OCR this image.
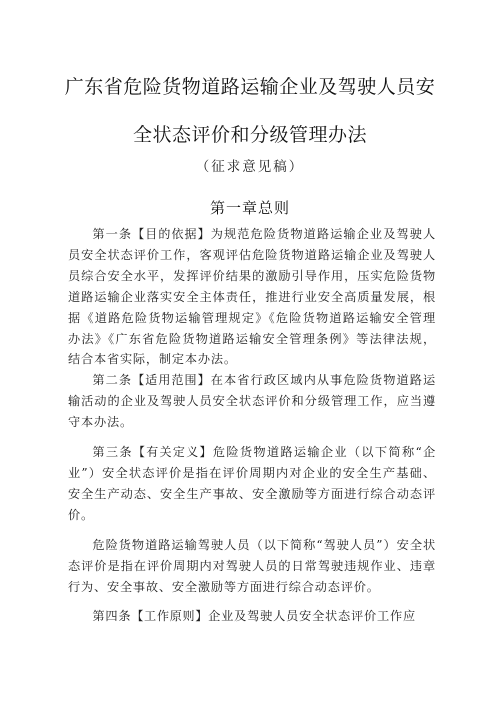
广东省危险货物道路运输企业及驾驶人员安
全状态评价和分级管理办法
（征求意见稿）
第一章总则

第一条【目的依据】为规范危险货物道路运输企业及驾驶人员安全状态评价工作，客观评估危险货物道路运输企业及驾驶人员综合安全水平，发挥评价结果的激励引导作用，压实危险货物道路运输企业落实安全主体责任，推进行业安全高质量发展，根据《道路危险货物运输管理规定》《危险货物道路运输安全管理办法》《广东省危险货物道路运输安全管理条例》等法律法规，结合本省实际，制定本办法。

第二条【适用范围】在本省行政区域内从事危险货物道路运输活动的企业及驾驶人员安全状态评价和分级管理工作，应当遵守本办法。

第三条【有关定义】危险货物道路运输企业（以下简称“企业”）安全状态评价是指在评价周期内对企业的安全生产基础、安全生产动态、安全生产事故、安全激励等方面进行综合动态评价。

危险货物道路运输驾驶人员（以下简称“驾驶人员”）安全状态评价是指在评价周期内对驾驶人员的日常驾驶违规作业、违章行为、安全事故、安全激励等方面进行综合动态评价。

第四条【工作原则】企业及驾驶人员安全状态评价工作应
